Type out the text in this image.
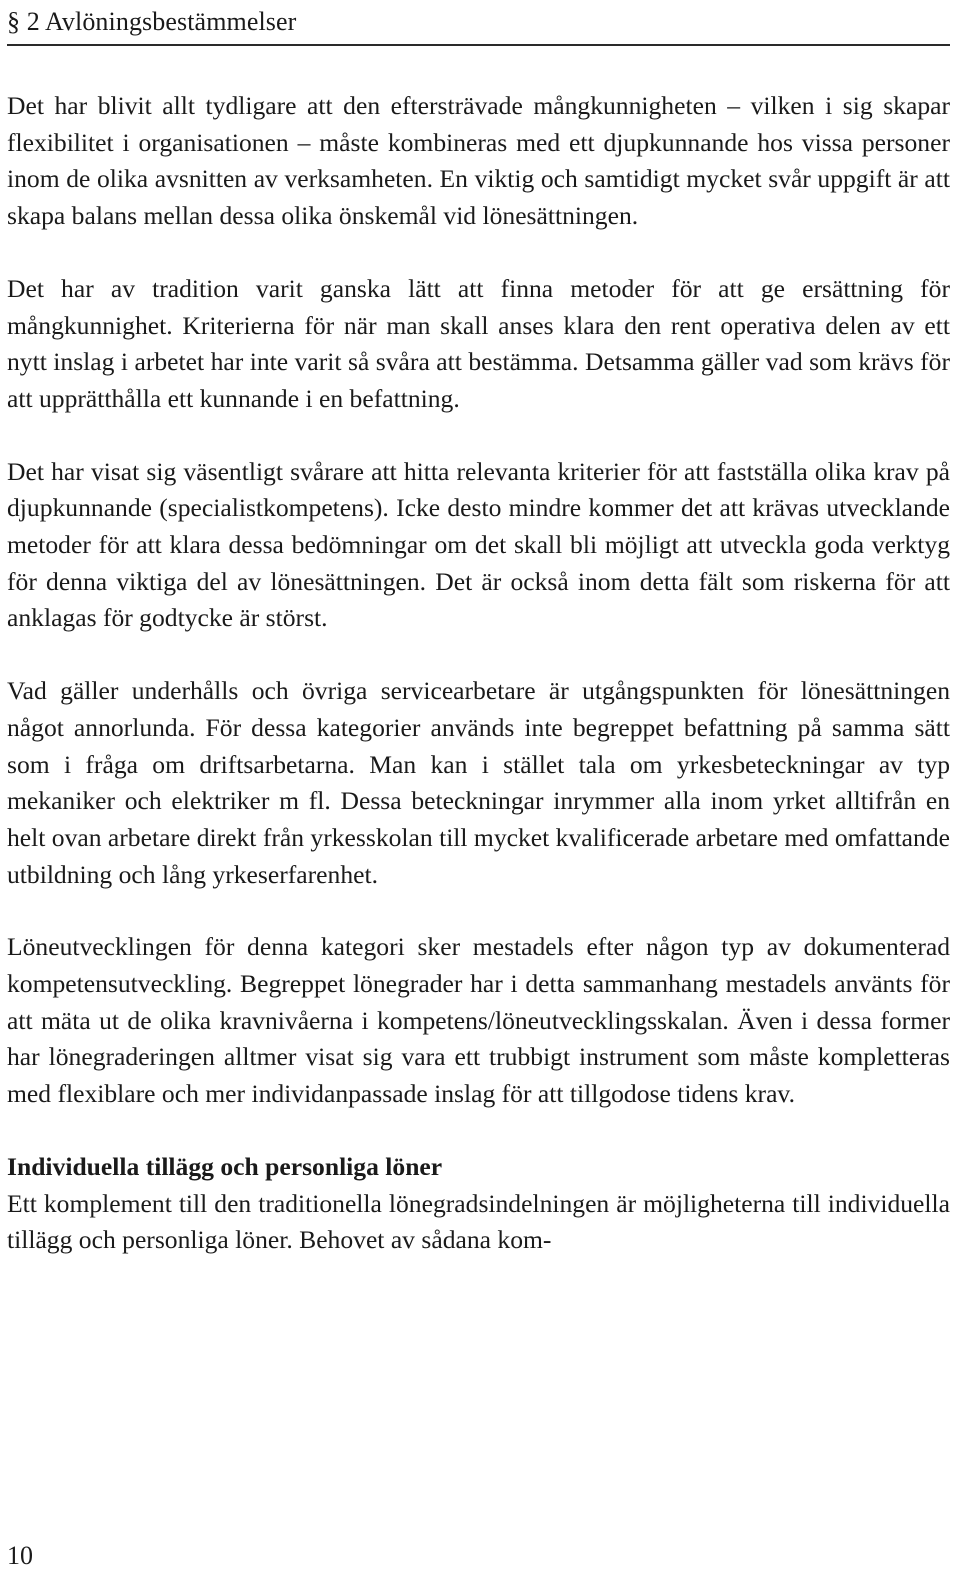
§ 2 Avlöningsbestämmelser

Det har blivit allt tydligare att den eftersträvade mångkunnigheten – vilken i sig skapar flexibilitet i organisationen – måste kombineras med ett djupkunnande hos vissa personer inom de olika avsnitten av verksamheten. En viktig och samtidigt mycket svår uppgift är att skapa balans mellan dessa olika önskemål vid lönesättningen.

Det har av tradition varit ganska lätt att finna metoder för att ge ersättning för mångkunnighet. Kriterierna för när man skall anses klara den rent operativa delen av ett nytt inslag i arbetet har inte varit så svåra att bestämma. Detsamma gäller vad som krävs för att upprätthålla ett kunnande i en befattning.

Det har visat sig väsentligt svårare att hitta relevanta kriterier för att fastställa olika krav på djupkunnande (specialistkompetens). Icke desto mindre kommer det att krävas utvecklande metoder för att klara dessa bedömningar om det skall bli möjligt att utveckla goda verktyg för denna viktiga del av lönesättningen. Det är också inom detta fält som riskerna för att anklagas för godtycke är störst.

Vad gäller underhålls och övriga servicearbetare är utgångspunkten för lönesättningen något annorlunda. För dessa kategorier används inte begreppet befattning på samma sätt som i fråga om driftsarbetarna. Man kan i stället tala om yrkesbeteckningar av typ mekaniker och elektriker m fl. Dessa beteckningar inrymmer alla inom yrket alltifrån en helt ovan arbetare direkt från yrkesskolan till mycket kvalificerade arbetare med omfattande utbildning och lång yrkeserfarenhet.

Löneutvecklingen för denna kategori sker mestadels efter någon typ av dokumenterad kompetensutveckling. Begreppet lönegrader har i detta sammanhang mestadels använts för att mäta ut de olika kravnivåerna i kompetens/löneutvecklingsskalan. Även i dessa former har lönegraderingen alltmer visat sig vara ett trubbigt instrument som måste kompletteras med flexiblare och mer individanpassade inslag för att tillgodose tidens krav.

Individuella tillägg och personliga löner

Ett komplement till den traditionella lönegradsindelningen är möjligheterna till individuella tillägg och personliga löner. Behovet av sådana kom-

10
